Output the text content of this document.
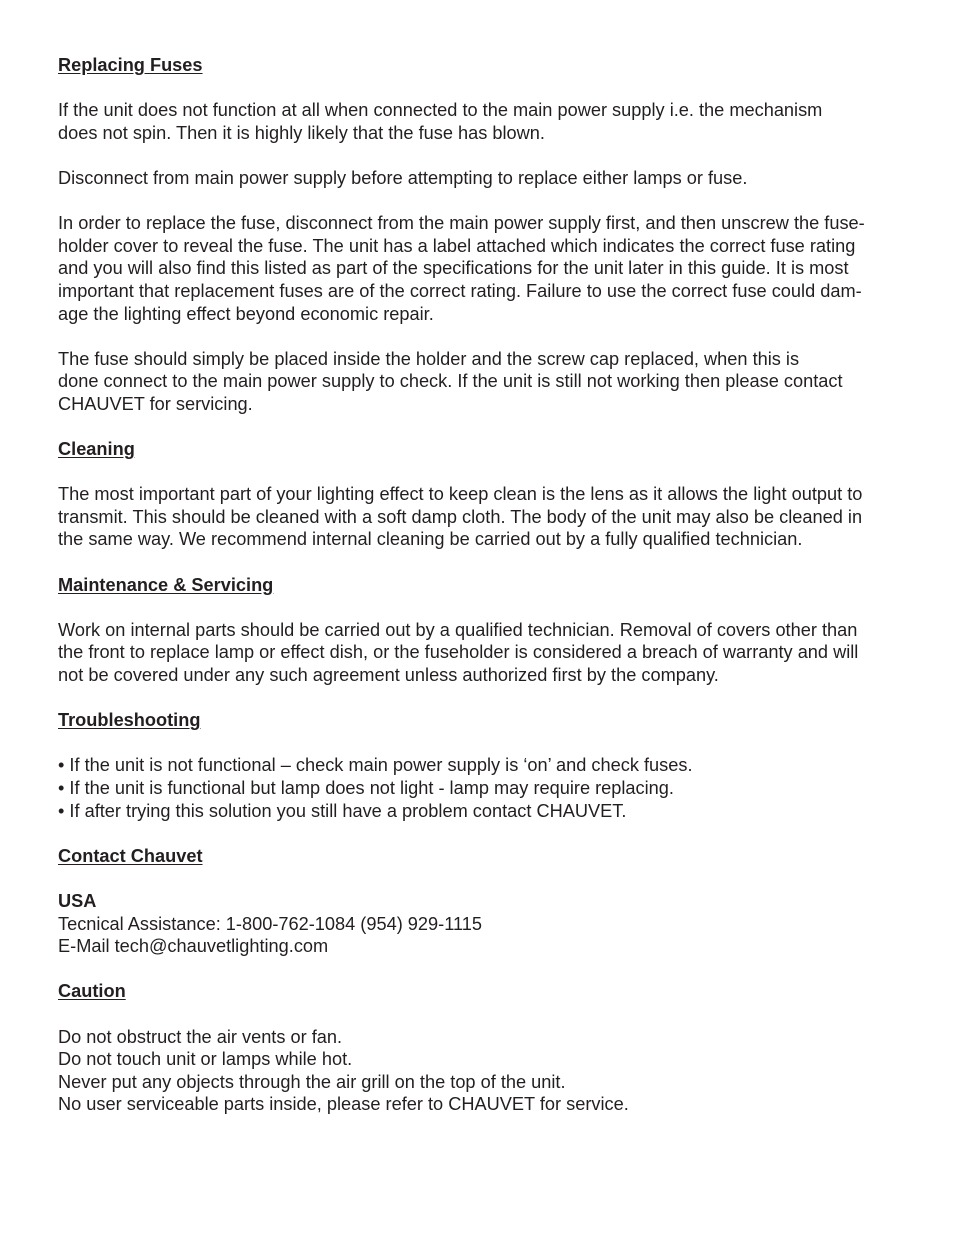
Replacing Fuses

If the unit does not function at all when connected to the main power supply i.e. the mechanism
does not spin. Then it is highly likely that the fuse has blown.

Disconnect from main power supply before attempting to replace either lamps or fuse.

In order to replace the fuse, disconnect from the main power supply first, and then unscrew the fuse-
holder cover to reveal the fuse. The unit has a label attached which indicates the correct fuse rating
and you will also find this listed as part of the specifications for the unit later in this guide. It is most
important that replacement fuses are of the correct rating. Failure to use the correct fuse could dam-
age the lighting effect beyond economic repair.

The fuse should simply be placed inside the holder and the screw cap replaced, when this is
done connect to the main power supply to check. If the unit is still not working then please contact
CHAUVET for servicing.

Cleaning

The most important part of your lighting effect to keep clean is the lens as it allows the light output to
transmit. This should be cleaned with a soft damp cloth. The body of the unit may also be cleaned in
the same way. We recommend internal cleaning be carried out by a fully qualified technician.

Maintenance & Servicing

Work on internal parts should be carried out by a qualified technician. Removal of covers other than
the front to replace lamp or effect dish, or the fuseholder is considered a breach of warranty and will
not be covered under any such agreement unless authorized first by the company.

Troubleshooting

• If the unit is not functional – check main power supply is ‘on’ and check fuses.
• If the unit is functional but lamp does not light - lamp may require replacing.
• If after trying this solution you still have a problem contact CHAUVET.

Contact Chauvet

USA

Tecnical Assistance: 1-800-762-1084 (954) 929-1115
E-Mail tech@chauvetlighting.com

Caution

Do not obstruct the air vents or fan.
Do not touch unit or lamps while hot.
Never put any objects through the air grill on the top of the unit.
No user serviceable parts inside, please refer to CHAUVET for service.
